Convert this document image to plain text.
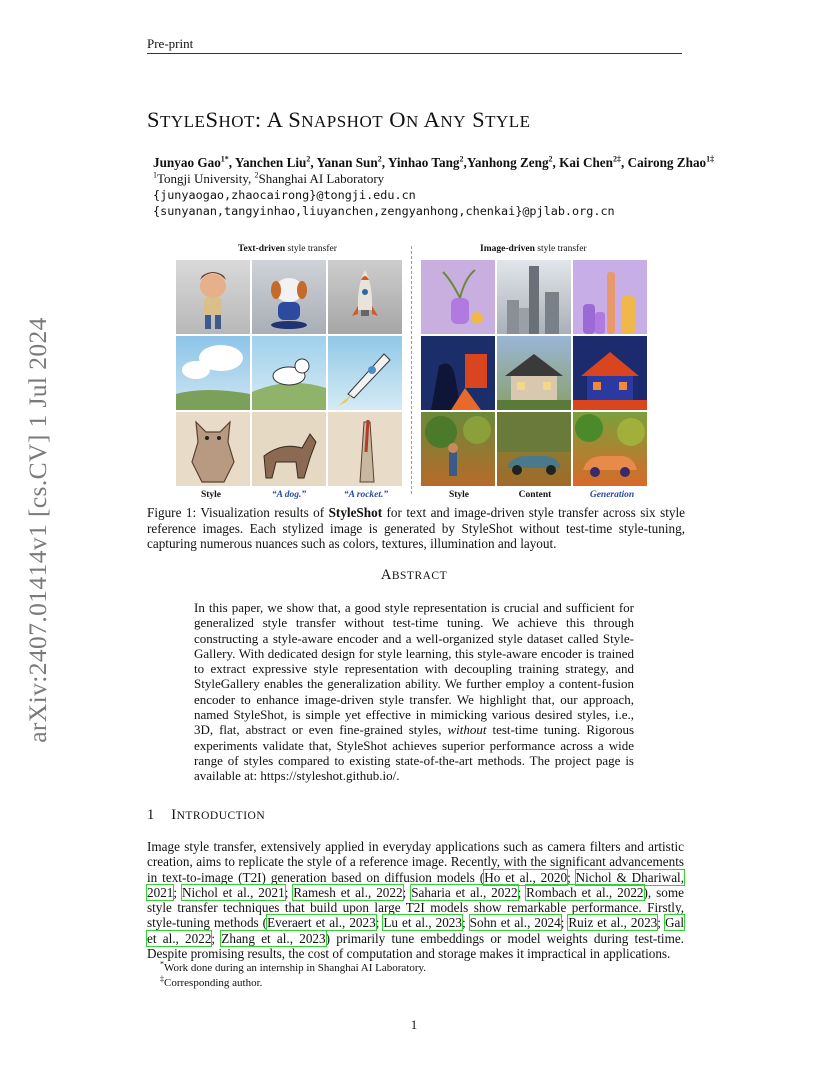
Pre-print
arXiv:2407.01414v1 [cs.CV] 1 Jul 2024
STYLESHOT: A SNAPSHOT ON ANY STYLE
Junyao Gao$^{1*}$, Yanchen Liu$^2$, Yanan Sun$^2$, Yinhao Tang$^2$,Yanhong Zeng$^2$, Kai Chen$^{2\ddagger}$, Cairong Zhao$^{1\ddagger}$
$^1$Tongji University, $^2$Shanghai AI Laboratory
{junyaogao,zhaocairong}@tongji.edu.cn
{sunyanan,tangyinhao,liuyanchen,zengyanhong,chenkai}@pjlab.org.cn
Text-driven style transfer	Image-driven style transfer
Style	“A dog.”	“A rocket.”	Style	Content	Generation
Figure 1: Visualization results of StyleShot for text and image-driven style transfer across six style reference images. Each stylized image is generated by StyleShot without test-time style-tuning, capturing numerous nuances such as colors, textures, illumination and layout.
ABSTRACT
In this paper, we show that, a good style representation is crucial and sufficient for generalized style transfer without test-time tuning. We achieve this through constructing a style-aware encoder and a well-organized style dataset called Style-Gallery. With dedicated design for style learning, this style-aware encoder is trained to extract expressive style representation with decoupling training strategy, and StyleGallery enables the generalization ability. We further employ a content-fusion encoder to enhance image-driven style transfer. We highlight that, our approach, named StyleShot, is simple yet effective in mimicking various desired styles, i.e., 3D, flat, abstract or even fine-grained styles, without test-time tuning. Rigorous experiments validate that, StyleShot achieves superior performance across a wide range of styles compared to existing state-of-the-art methods. The project page is available at: https://styleshot.github.io/.
1 INTRODUCTION
Image style transfer, extensively applied in everyday applications such as camera filters and artistic creation, aims to replicate the style of a reference image. Recently, with the significant advancements in text-to-image (T2I) generation based on diffusion models (Ho et al., 2020; Nichol & Dhariwal, 2021; Nichol et al., 2021; Ramesh et al., 2022; Saharia et al., 2022; Rombach et al., 2022), some style transfer techniques that build upon large T2I models show remarkable performance. Firstly, style-tuning methods (Everaert et al., 2023; Lu et al., 2023; Sohn et al., 2024; Ruiz et al., 2023; Gal et al., 2022; Zhang et al., 2023) primarily tune embeddings or model weights during test-time. Despite promising results, the cost of computation and storage makes it impractical in applications.
*Work done during an internship in Shanghai AI Laboratory.
‡Corresponding author.
1
